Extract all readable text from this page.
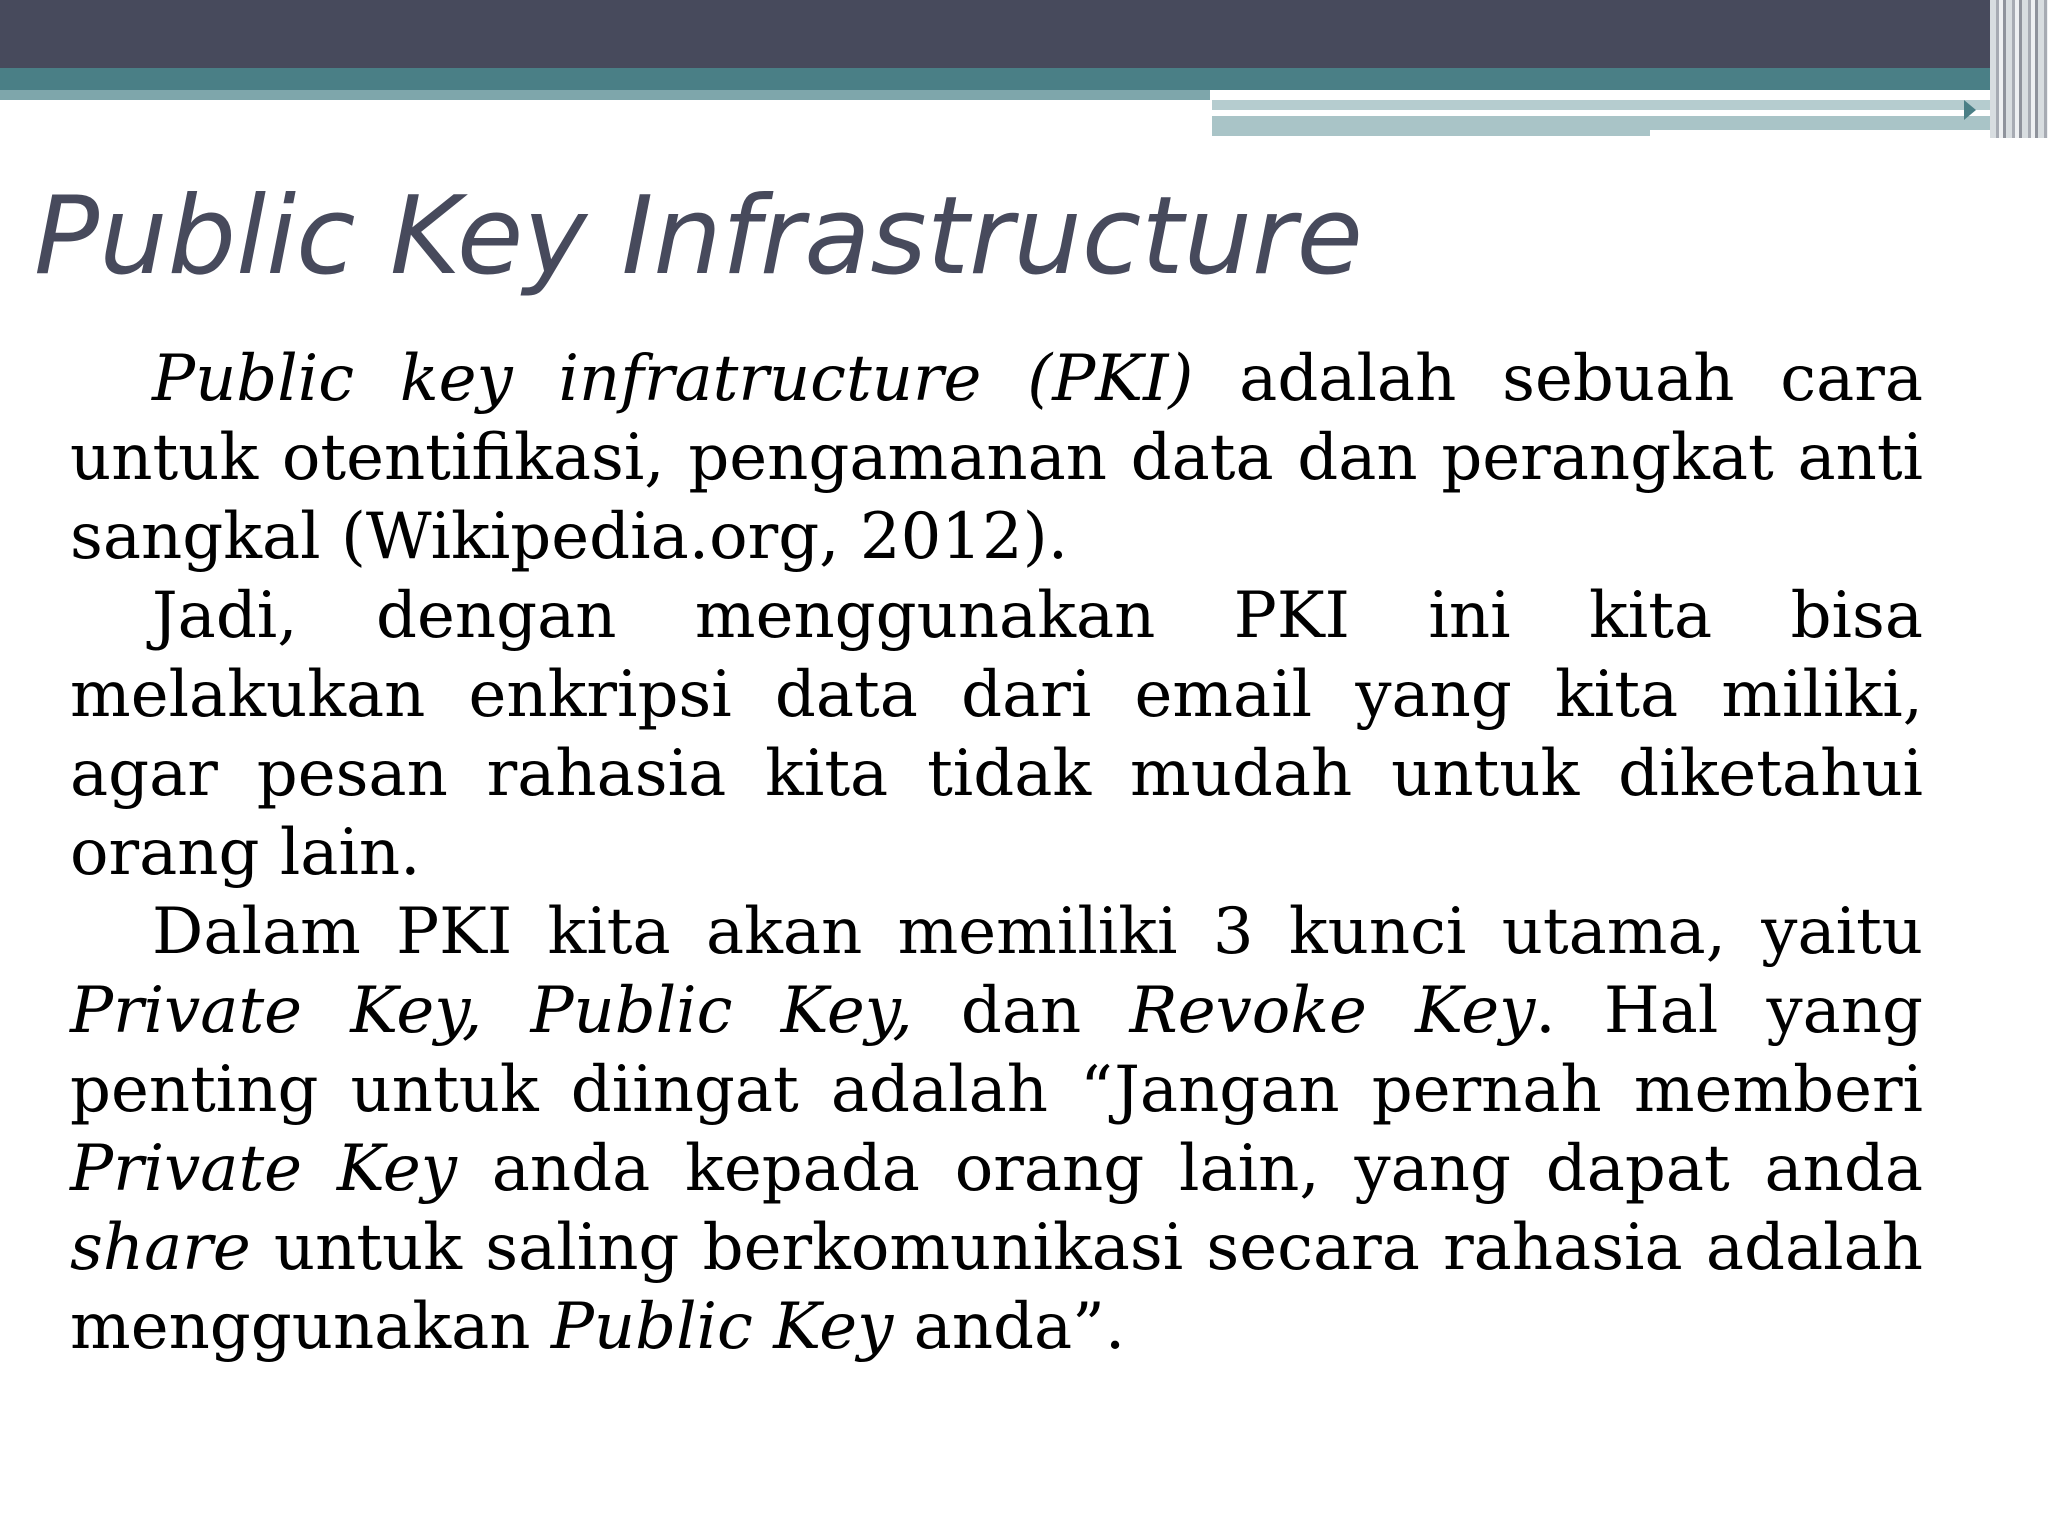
Public Key Infrastructure

Public key infratructure (PKI) adalah sebuah cara untuk otentifikasi, pengamanan data dan perangkat anti sangkal (Wikipedia.org, 2012).

Jadi, dengan menggunakan PKI ini kita bisa melakukan enkripsi data dari email yang kita miliki, agar pesan rahasia kita tidak mudah untuk diketahui orang lain.

Dalam PKI kita akan memiliki 3 kunci utama, yaitu Private Key, Public Key, dan Revoke Key. Hal yang penting untuk diingat adalah “Jangan pernah memberi Private Key anda kepada orang lain, yang dapat anda share untuk saling berkomunikasi secara rahasia adalah menggunakan Public Key anda”.
